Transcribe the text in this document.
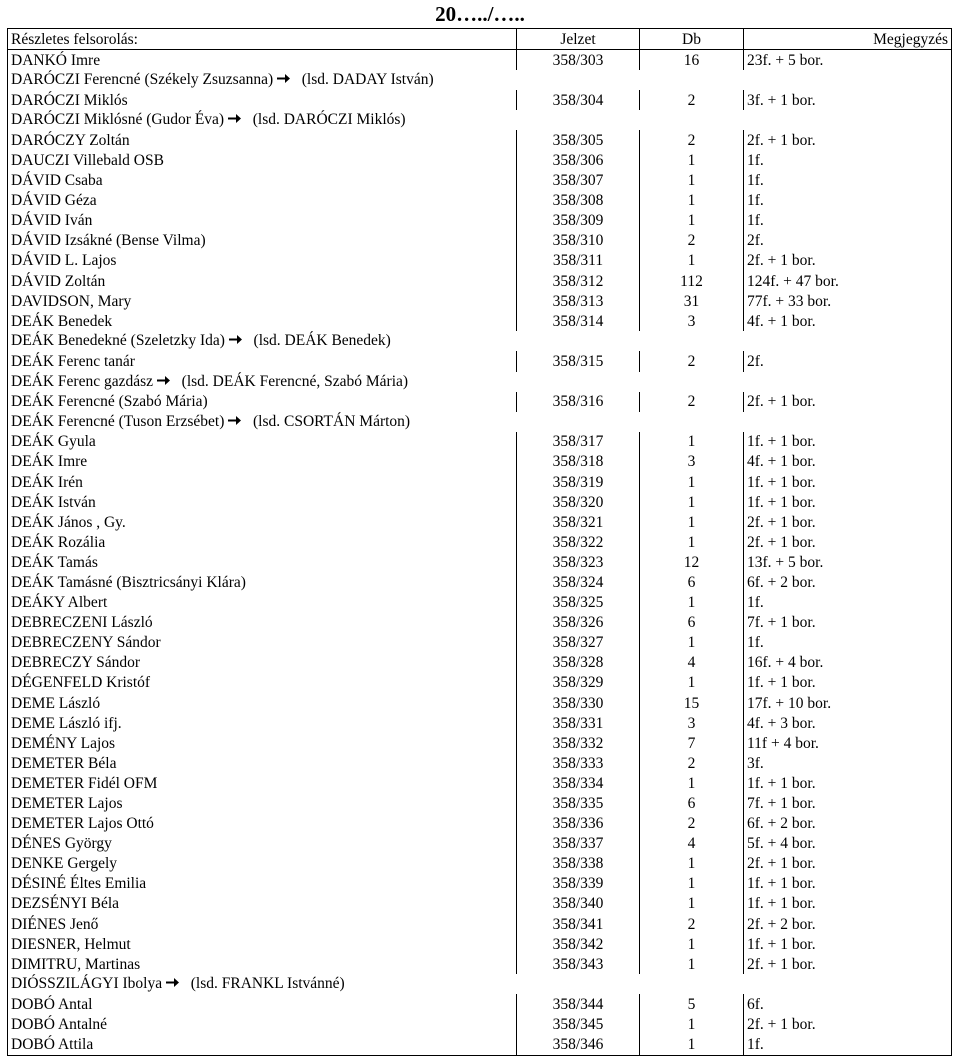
20…../…..
Részletes felsorolás:	Jelzet	Db	Megjegyzés
DANKÓ Imre	358/303	16	23f. + 5 bor.
DARÓCZI Ferencné (Székely Zsuzsanna) (lsd. DADAY István)			
DARÓCZI Miklós	358/304	2	3f. + 1 bor.
DARÓCZI Miklósné (Gudor Éva) (lsd. DARÓCZI Miklós)			
DARÓCZY Zoltán	358/305	2	2f. + 1 bor.
DAUCZI Villebald OSB	358/306	1	1f.
DÁVID Csaba	358/307	1	1f.
DÁVID Géza	358/308	1	1f.
DÁVID Iván	358/309	1	1f.
DÁVID Izsákné (Bense Vilma)	358/310	2	2f.
DÁVID L. Lajos	358/311	1	2f. + 1 bor.
DÁVID Zoltán	358/312	112	124f. + 47 bor.
DAVIDSON, Mary	358/313	31	77f. + 33 bor.
DEÁK Benedek	358/314	3	4f. + 1 bor.
DEÁK Benedekné (Szeletzky Ida) (lsd. DEÁK Benedek)			
DEÁK Ferenc tanár	358/315	2	2f.
DEÁK Ferenc gazdász (lsd. DEÁK Ferencné, Szabó Mária)			
DEÁK Ferencné (Szabó Mária)	358/316	2	2f. + 1 bor.
DEÁK Ferencné (Tuson Erzsébet) (lsd. CSORTÁN Márton)			
DEÁK Gyula	358/317	1	1f. + 1 bor.
DEÁK Imre	358/318	3	4f. + 1 bor.
DEÁK Irén	358/319	1	1f. + 1 bor.
DEÁK István	358/320	1	1f. + 1 bor.
DEÁK János , Gy.	358/321	1	2f. + 1 bor.
DEÁK Rozália	358/322	1	2f. + 1 bor.
DEÁK Tamás	358/323	12	13f. + 5 bor.
DEÁK Tamásné (Bisztricsányi Klára)	358/324	6	6f. + 2 bor.
DEÁKY Albert	358/325	1	1f.
DEBRECZENI László	358/326	6	7f. + 1 bor.
DEBRECZENY Sándor	358/327	1	1f.
DEBRECZY Sándor	358/328	4	16f. + 4 bor.
DÉGENFELD Kristóf	358/329	1	1f. + 1 bor.
DEME László	358/330	15	17f. + 10 bor.
DEME László ifj.	358/331	3	4f. + 3 bor.
DEMÉNY Lajos	358/332	7	11f + 4 bor.
DEMETER Béla	358/333	2	3f.
DEMETER Fidél OFM	358/334	1	1f. + 1 bor.
DEMETER Lajos	358/335	6	7f. + 1 bor.
DEMETER Lajos Ottó	358/336	2	6f. + 2 bor.
DÉNES György	358/337	4	5f. + 4 bor.
DENKE Gergely	358/338	1	2f. + 1 bor.
DÉSINÉ Éltes Emilia	358/339	1	1f. + 1 bor.
DEZSÉNYI Béla	358/340	1	1f. + 1 bor.
DIÉNES Jenő	358/341	2	2f. + 2 bor.
DIESNER, Helmut	358/342	1	1f. + 1 bor.
DIMITRU, Martinas	358/343	1	2f. + 1 bor.
DIÓSSZILÁGYI Ibolya (lsd. FRANKL Istvánné)			
DOBÓ Antal	358/344	5	6f.
DOBÓ Antalné	358/345	1	2f. + 1 bor.
DOBÓ Attila	358/346	1	1f.
